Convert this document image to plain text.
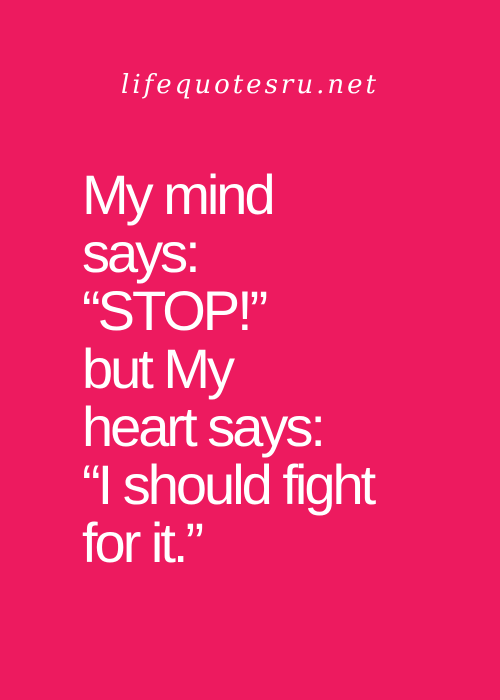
lifequotesru.net
My mind
says:
“STOP!”
but My
heart says:
“I should fight
for it.”
